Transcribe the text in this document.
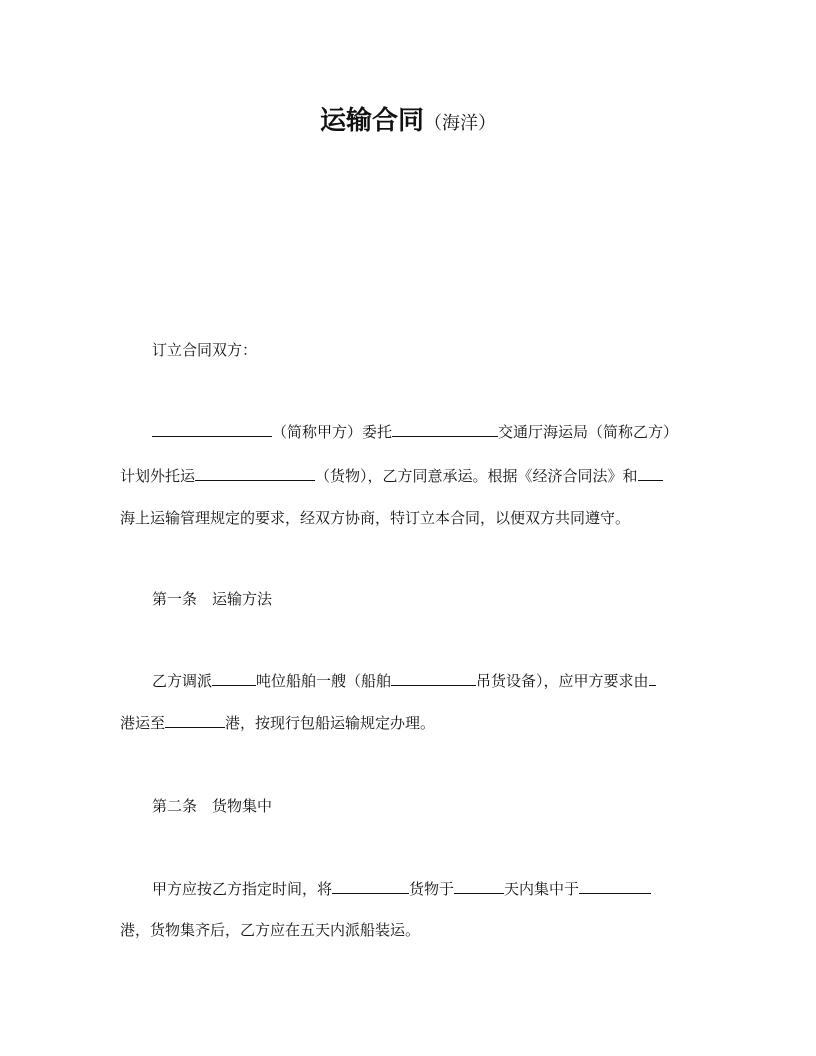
运输合同（海洋）
订立合同双方：
（简称甲方）委托	交通厅海运局（简称乙方）
计划外托运	（货物），乙方同意承运。根据《经济合同法》和
海上运输管理规定的要求，经双方协商，特订立本合同，以便双方共同遵守。
第一条　运输方法
乙方调派	吨位船舶一艘（船舶	吊货设备），应甲方要求由
港运至	港，按现行包船运输规定办理。
第二条　货物集中
甲方应按乙方指定时间，将	货物于	天内集中于
港，货物集齐后，乙方应在五天内派船装运。
